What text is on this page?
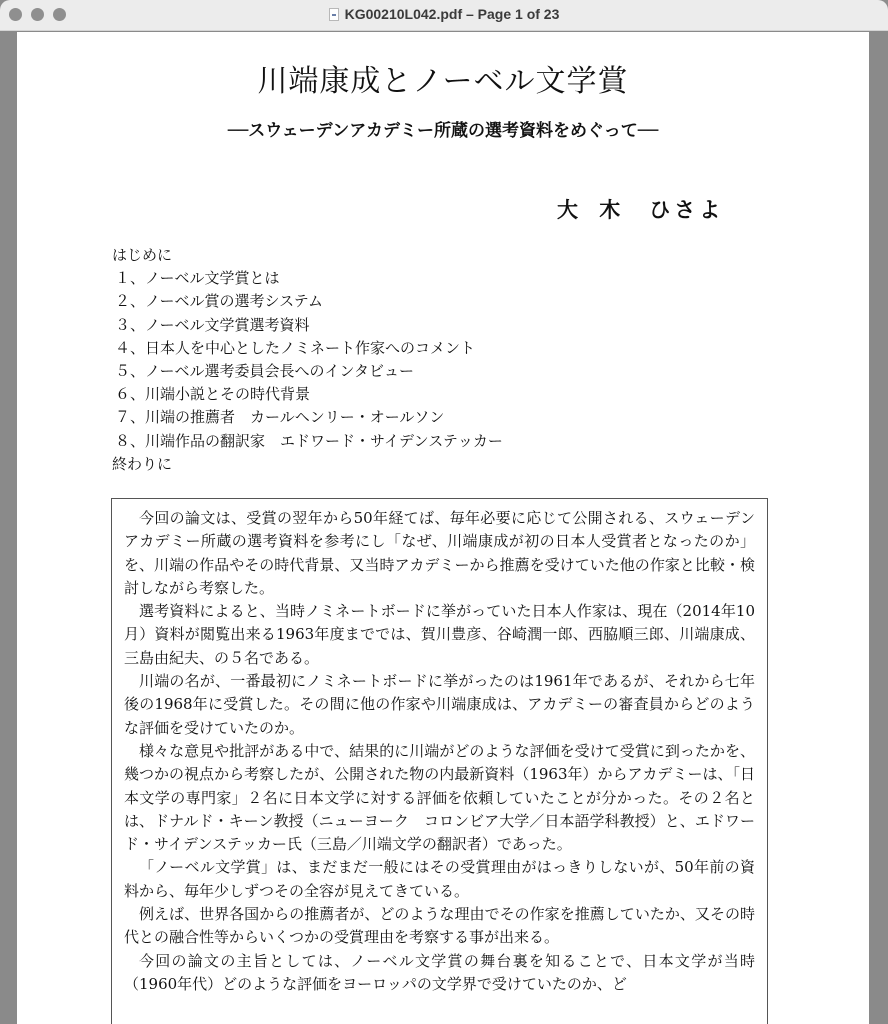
KG00210L042.pdf – Page 1 of 23
川端康成とノーベル文学賞
──スウェーデンアカデミー所蔵の選考資料をめぐって──
大 木　ひさよ
はじめに
１、ノーベル文学賞とは
２、ノーベル賞の選考システム
３、ノーベル文学賞選考資料
４、日本人を中心としたノミネート作家へのコメント
５、ノーベル選考委員会長へのインタビュー
６、川端小説とその時代背景
７、川端の推薦者　カールヘンリー・オールソン
８、川端作品の翻訳家　エドワード・サイデンステッカー
終わりに

今回の論文は、受賞の翌年から50年経てば、毎年必要に応じて公開される、スウェーデンアカデミー所蔵の選考資料を参考にし「なぜ、川端康成が初の日本人受賞者となったのか」を、川端の作品やその時代背景、又当時アカデミーから推薦を受けていた他の作家と比較・検討しながら考察した。

選考資料によると、当時ノミネートボードに挙がっていた日本人作家は、現在（2014年10月）資料が閲覧出来る1963年度まででは、賀川豊彦、谷崎潤一郎、西脇順三郎、川端康成、三島由紀夫、の５名である。

川端の名が、一番最初にノミネートボードに挙がったのは1961年であるが、それから七年後の1968年に受賞した。その間に他の作家や川端康成は、アカデミーの審査員からどのような評価を受けていたのか。

様々な意見や批評がある中で、結果的に川端がどのような評価を受けて受賞に到ったかを、幾つかの視点から考察したが、公開された物の内最新資料（1963年）からアカデミーは、「日本文学の専門家」２名に日本文学に対する評価を依頼していたことが分かった。その２名とは、ドナルド・キーン教授（ニューヨーク　コロンビア大学／日本語学科教授）と、エドワード・サイデンステッカー氏（三島／川端文学の翻訳者）であった。

「ノーベル文学賞」は、まだまだ一般にはその受賞理由がはっきりしないが、50年前の資料から、毎年少しずつその全容が見えてきている。

例えば、世界各国からの推薦者が、どのような理由でその作家を推薦していたか、又その時代との融合性等からいくつかの受賞理由を考察する事が出来る。

今回の論文の主旨としては、ノーベル文学賞の舞台裏を知ることで、日本文学が当時（1960年代）どのような評価をヨーロッパの文学界で受けていたのか、ど
